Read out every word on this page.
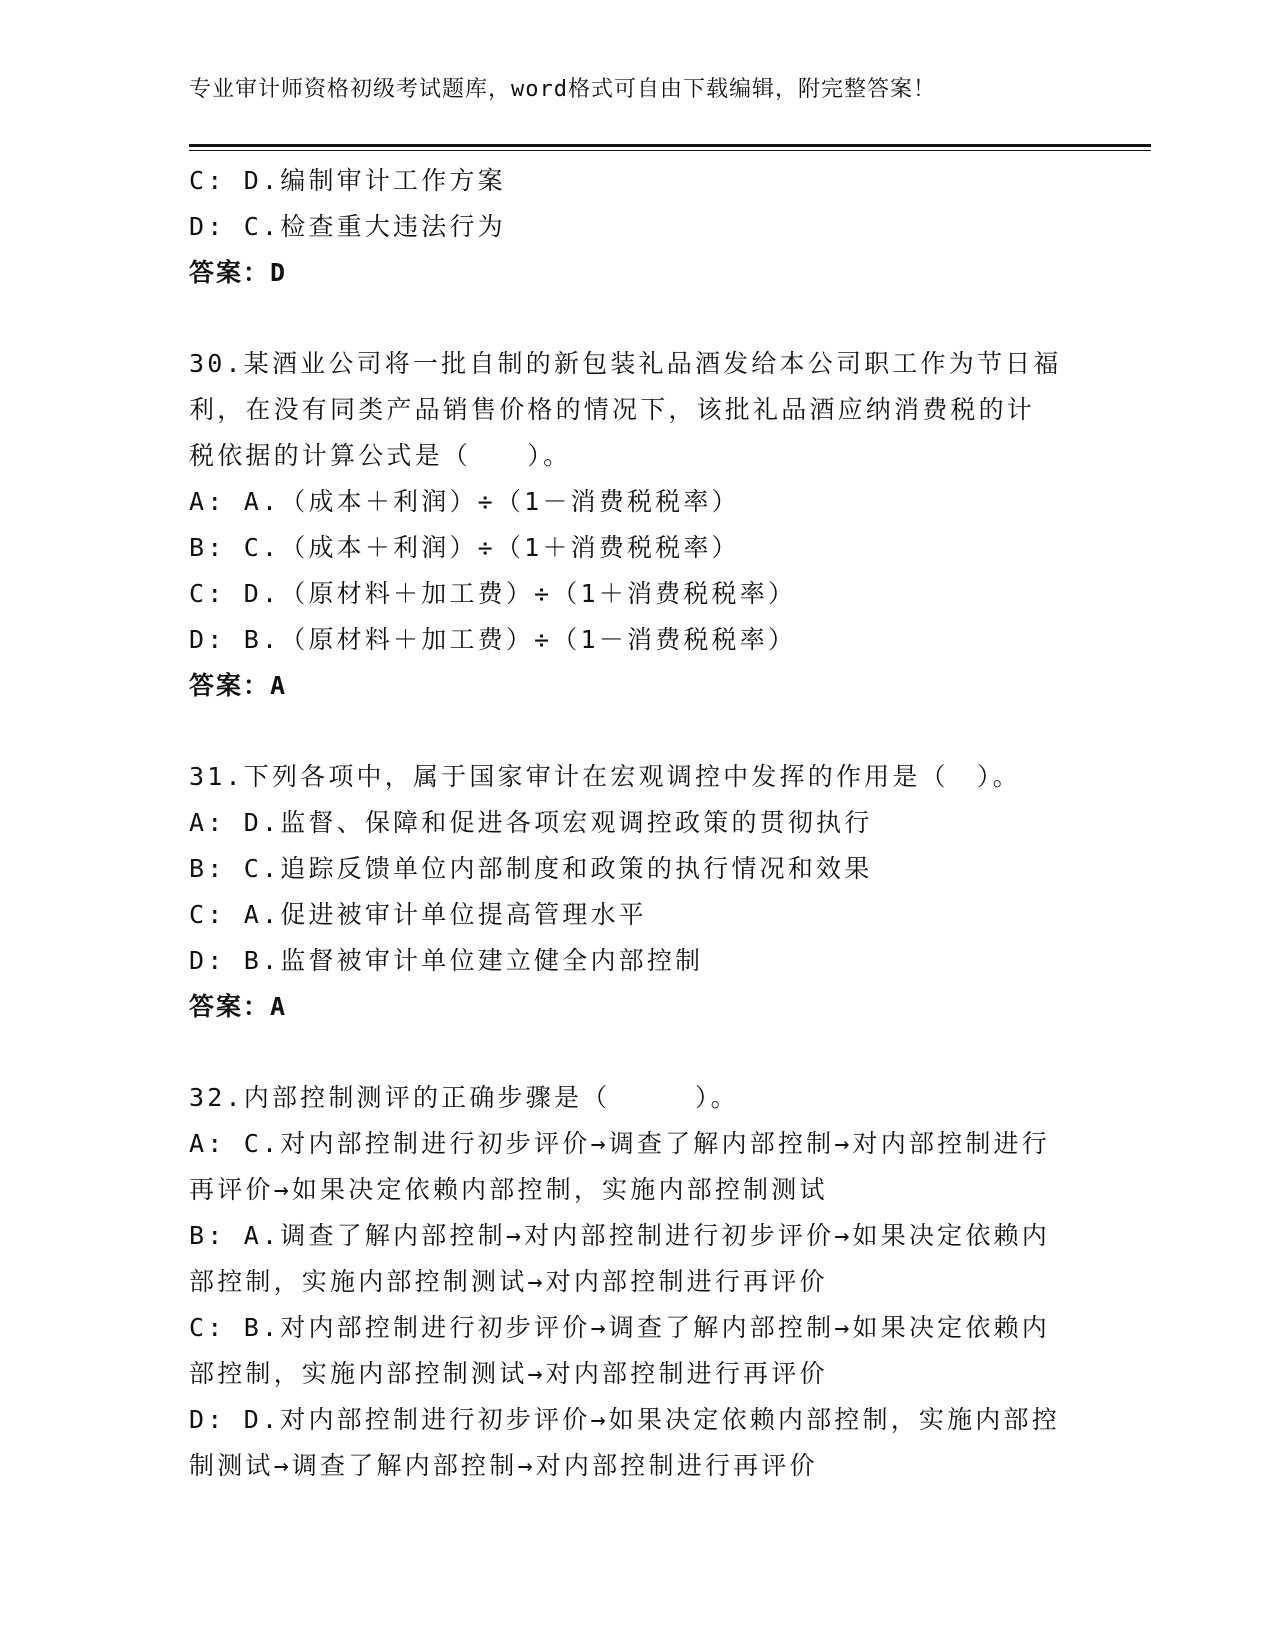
专业审计师资格初级考试题库，word格式可自由下载编辑，附完整答案！
C: D.编制审计工作方案
D: C.检查重大违法行为
答案：D
30.某酒业公司将一批自制的新包装礼品酒发给本公司职工作为节日福
利，在没有同类产品销售价格的情况下，该批礼品酒应纳消费税的计
税依据的计算公式是（　　）。
A: A.（成本＋利润）÷（1－消费税税率）
B: C.（成本＋利润）÷（1＋消费税税率）
C: D.（原材料＋加工费）÷（1＋消费税税率）
D: B.（原材料＋加工费）÷（1－消费税税率）
答案：A
31.下列各项中，属于国家审计在宏观调控中发挥的作用是（　）。
A: D.监督、保障和促进各项宏观调控政策的贯彻执行
B: C.追踪反馈单位内部制度和政策的执行情况和效果
C: A.促进被审计单位提高管理水平
D: B.监督被审计单位建立健全内部控制
答案：A
32.内部控制测评的正确步骤是（　　　）。
A: C.对内部控制进行初步评价→调查了解内部控制→对内部控制进行
再评价→如果决定依赖内部控制，实施内部控制测试
B: A.调查了解内部控制→对内部控制进行初步评价→如果决定依赖内
部控制，实施内部控制测试→对内部控制进行再评价
C: B.对内部控制进行初步评价→调查了解内部控制→如果决定依赖内
部控制，实施内部控制测试→对内部控制进行再评价
D: D.对内部控制进行初步评价→如果决定依赖内部控制，实施内部控
制测试→调查了解内部控制→对内部控制进行再评价
